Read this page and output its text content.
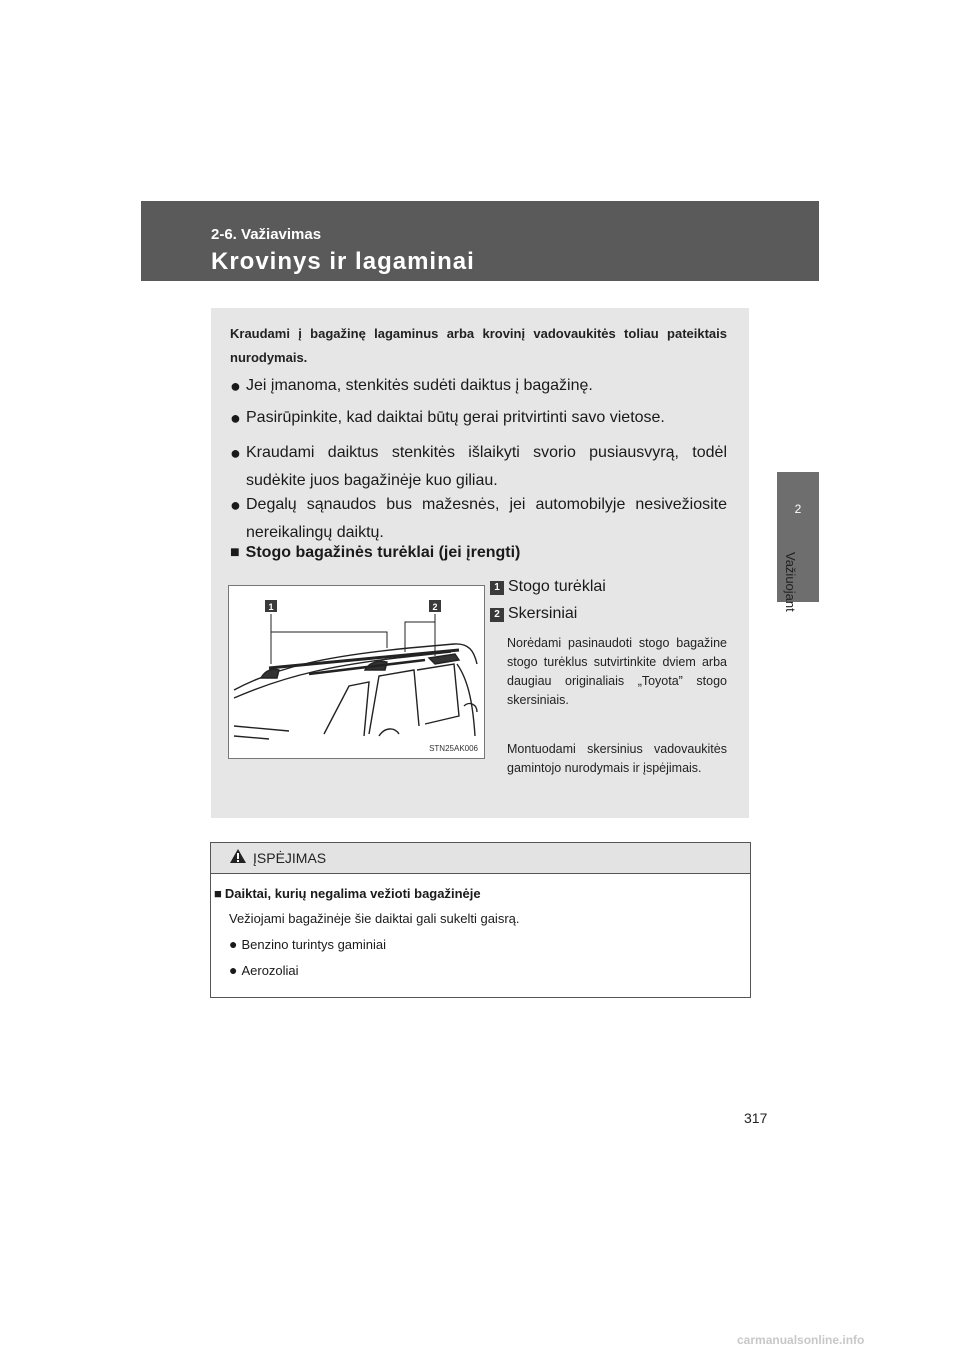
2-6. Važiavimas
Krovinys ir lagaminai
2
Važiuojant
Kraudami į bagažinę lagaminus arba krovinį vadovaukitės toliau pateiktais nurodymais.
● Jei įmanoma, stenkitės sudėti daiktus į bagažinę.
● Pasirūpinkite, kad daiktai būtų gerai pritvirtinti savo vietose.
● Kraudami daiktus stenkitės išlaikyti svorio pusiausvyrą, todėl sudėkite juos bagažinėje kuo giliau.
● Degalų sąnaudos bus mažesnės, jei automobilyje nesivežiosite nereikalingų daiktų.
■ Stogo bagažinės turėklai (jei įrengti)
1	2
STN25AK006
1 Stogo turėklai
2 Skersiniai
Norėdami pasinaudoti stogo bagažine stogo turėklus sutvirtinkite dviem arba daugiau originaliais „Toyota” stogo skersiniais.
Montuodami skersinius vadovaukitės gamintojo nurodymais ir įspėjimais.
ĮSPĖJIMAS
■ Daiktai, kurių negalima vežioti bagažinėje
Vežiojami bagažinėje šie daiktai gali sukelti gaisrą.
● Benzino turintys gaminiai
● Aerozoliai
317
carmanualsonline.info
